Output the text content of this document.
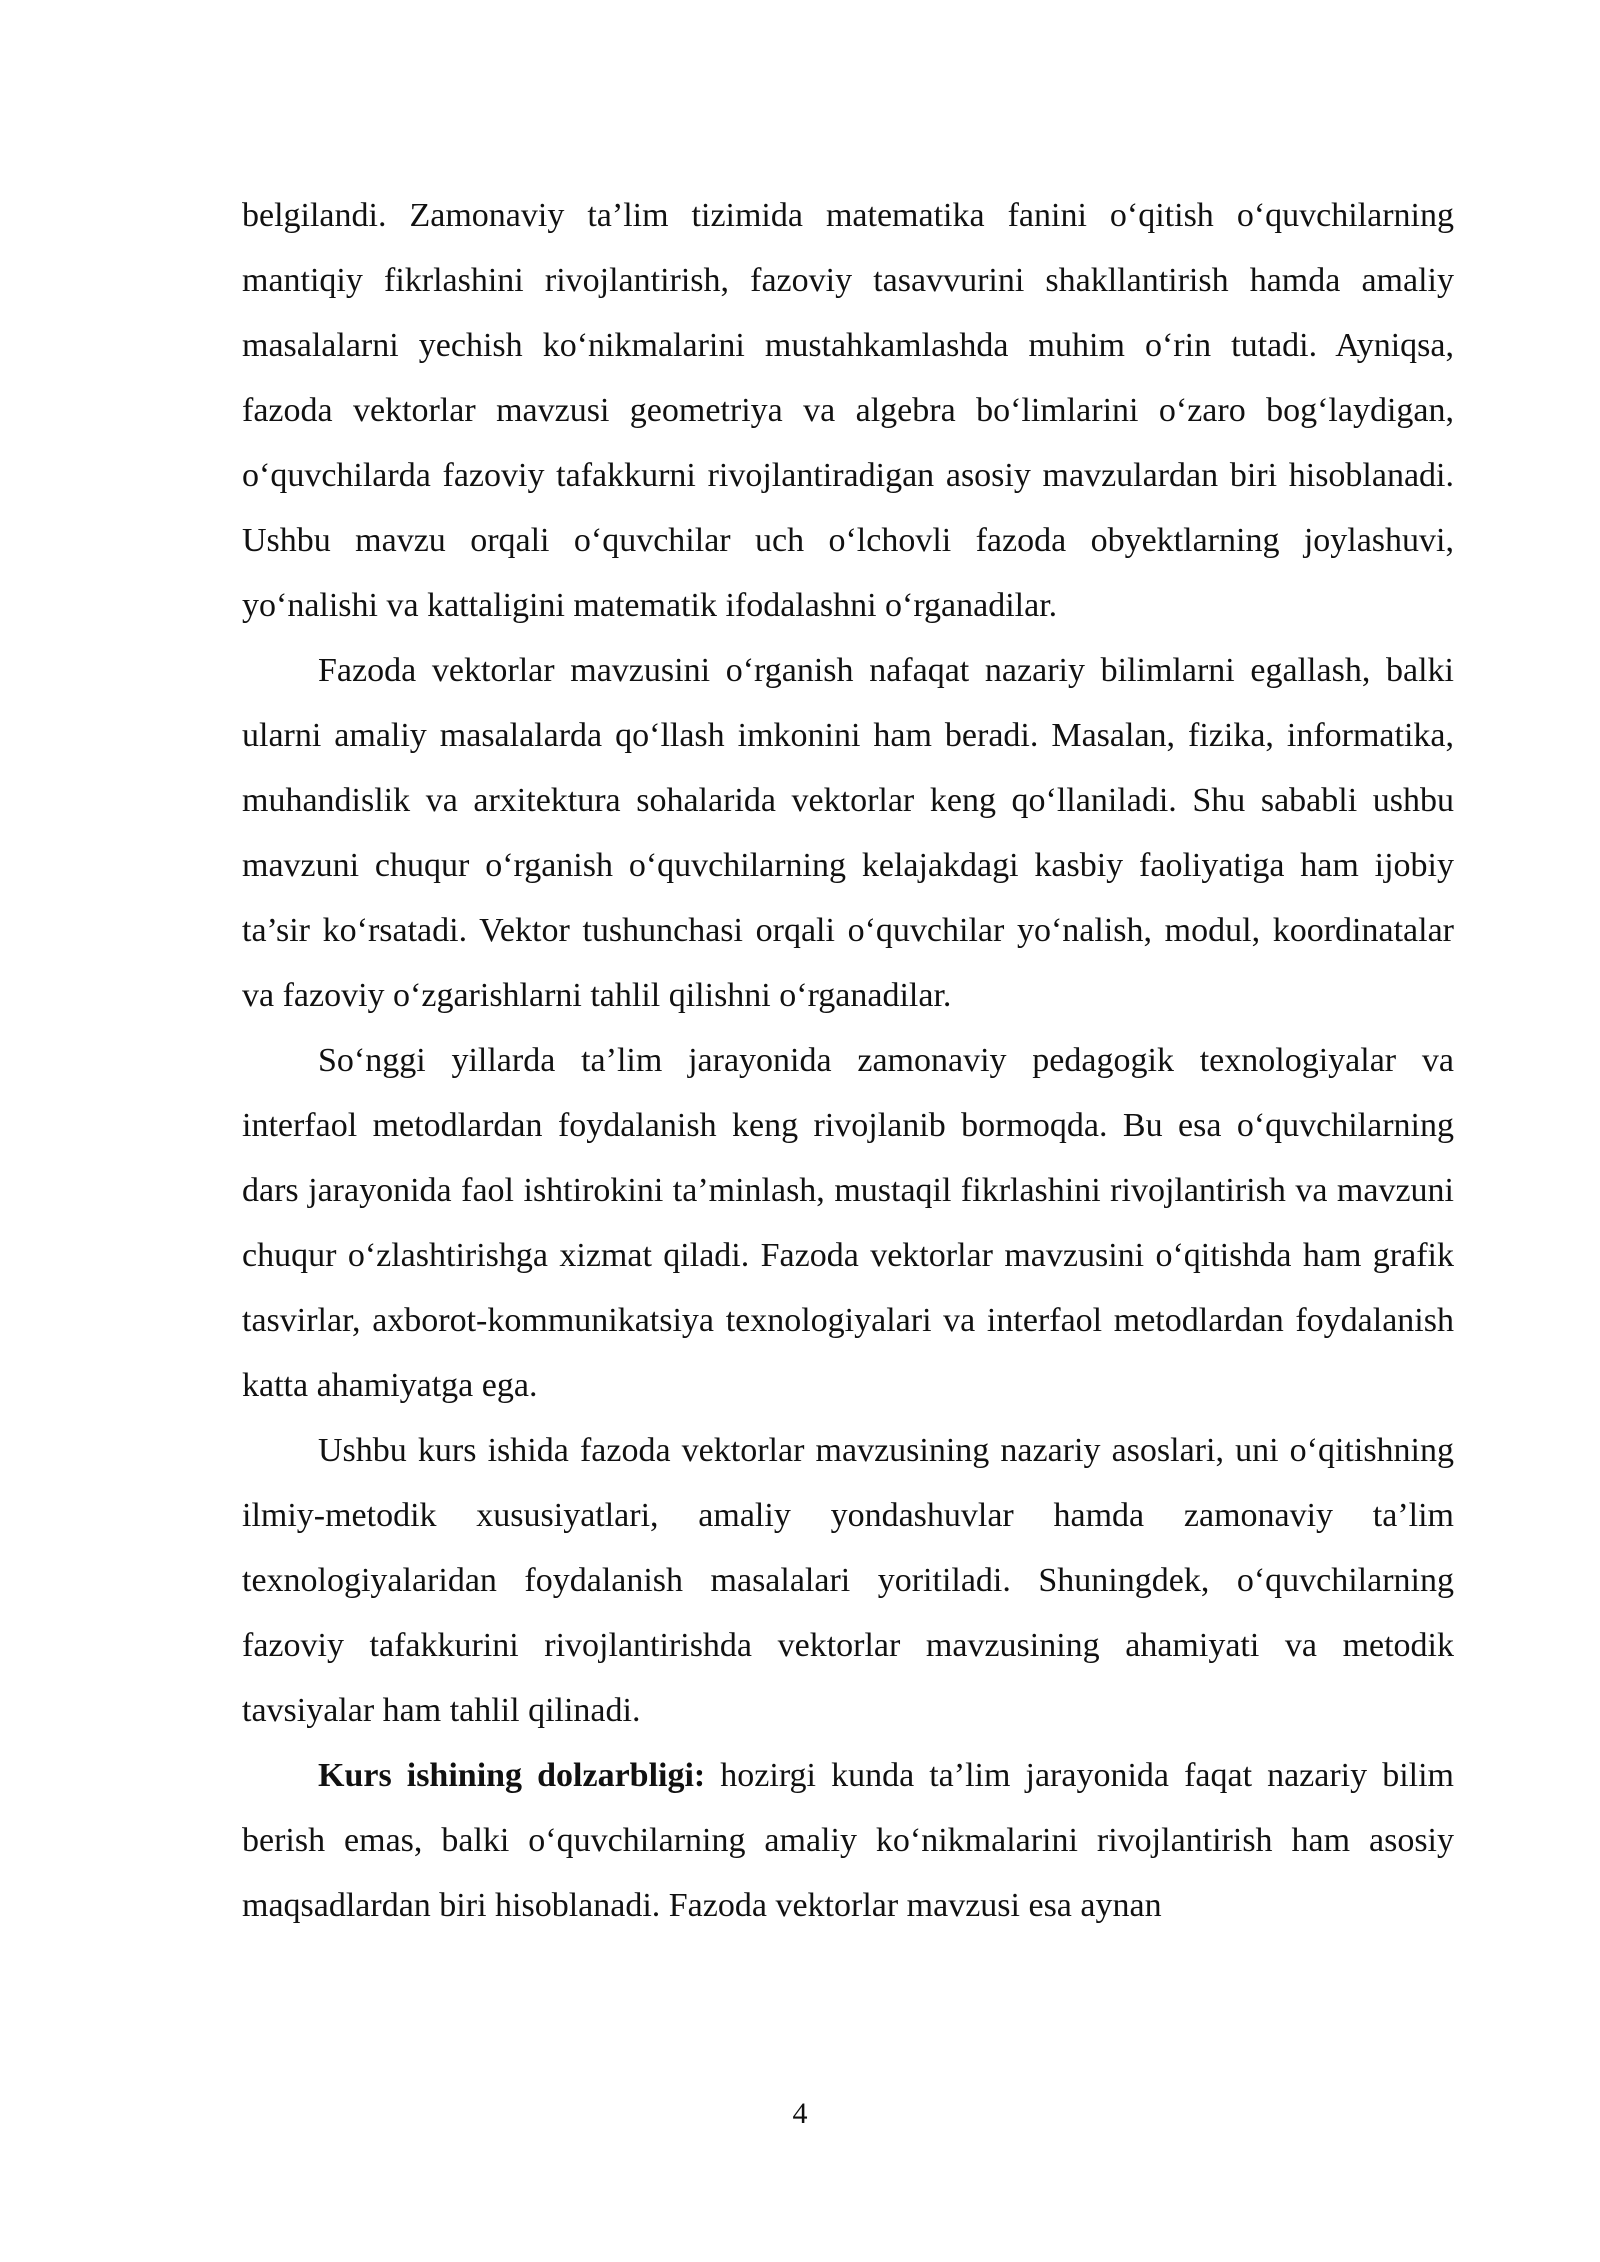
belgilandi. Zamonaviy ta’lim tizimida matematika fanini o‘qitish o‘quvchilarning mantiqiy fikrlashini rivojlantirish, fazoviy tasavvurini shakllantirish hamda amaliy masalalarni yechish ko‘nikmalarini mustahkamlashda muhim o‘rin tutadi. Ayniqsa, fazoda vektorlar mavzusi geometriya va algebra bo‘limlarini o‘zaro bog‘laydigan, o‘quvchilarda fazoviy tafakkurni rivojlantiradigan asosiy mavzulardan biri hisoblanadi. Ushbu mavzu orqali o‘quvchilar uch o‘lchovli fazoda obyektlarning joylashuvi, yo‘nalishi va kattaligini matematik ifodalashni o‘rganadilar.

Fazoda vektorlar mavzusini o‘rganish nafaqat nazariy bilimlarni egallash, balki ularni amaliy masalalarda qo‘llash imkonini ham beradi. Masalan, fizika, informatika, muhandislik va arxitektura sohalarida vektorlar keng qo‘llaniladi. Shu sababli ushbu mavzuni chuqur o‘rganish o‘quvchilarning kelajakdagi kasbiy faoliyatiga ham ijobiy ta’sir ko‘rsatadi. Vektor tushunchasi orqali o‘quvchilar yo‘nalish, modul, koordinatalar va fazoviy o‘zgarishlarni tahlil qilishni o‘rganadilar.

So‘nggi yillarda ta’lim jarayonida zamonaviy pedagogik texnologiyalar va interfaol metodlardan foydalanish keng rivojlanib bormoqda. Bu esa o‘quvchilarning dars jarayonida faol ishtirokini ta’minlash, mustaqil fikrlashini rivojlantirish va mavzuni chuqur o‘zlashtirishga xizmat qiladi. Fazoda vektorlar mavzusini o‘qitishda ham grafik tasvirlar, axborot-kommunikatsiya texnologiyalari va interfaol metodlardan foydalanish katta ahamiyatga ega.

Ushbu kurs ishida fazoda vektorlar mavzusining nazariy asoslari, uni o‘qitishning ilmiy-metodik xususiyatlari, amaliy yondashuvlar hamda zamonaviy ta’lim texnologiyalaridan foydalanish masalalari yoritiladi. Shuningdek, o‘quvchilarning fazoviy tafakkurini rivojlantirishda vektorlar mavzusining ahamiyati va metodik tavsiyalar ham tahlil qilinadi.

Kurs ishining dolzarbligi: hozirgi kunda ta’lim jarayonida faqat nazariy bilim berish emas, balki o‘quvchilarning amaliy ko‘nikmalarini rivojlantirish ham asosiy maqsadlardan biri hisoblanadi. Fazoda vektorlar mavzusi esa aynan

4
